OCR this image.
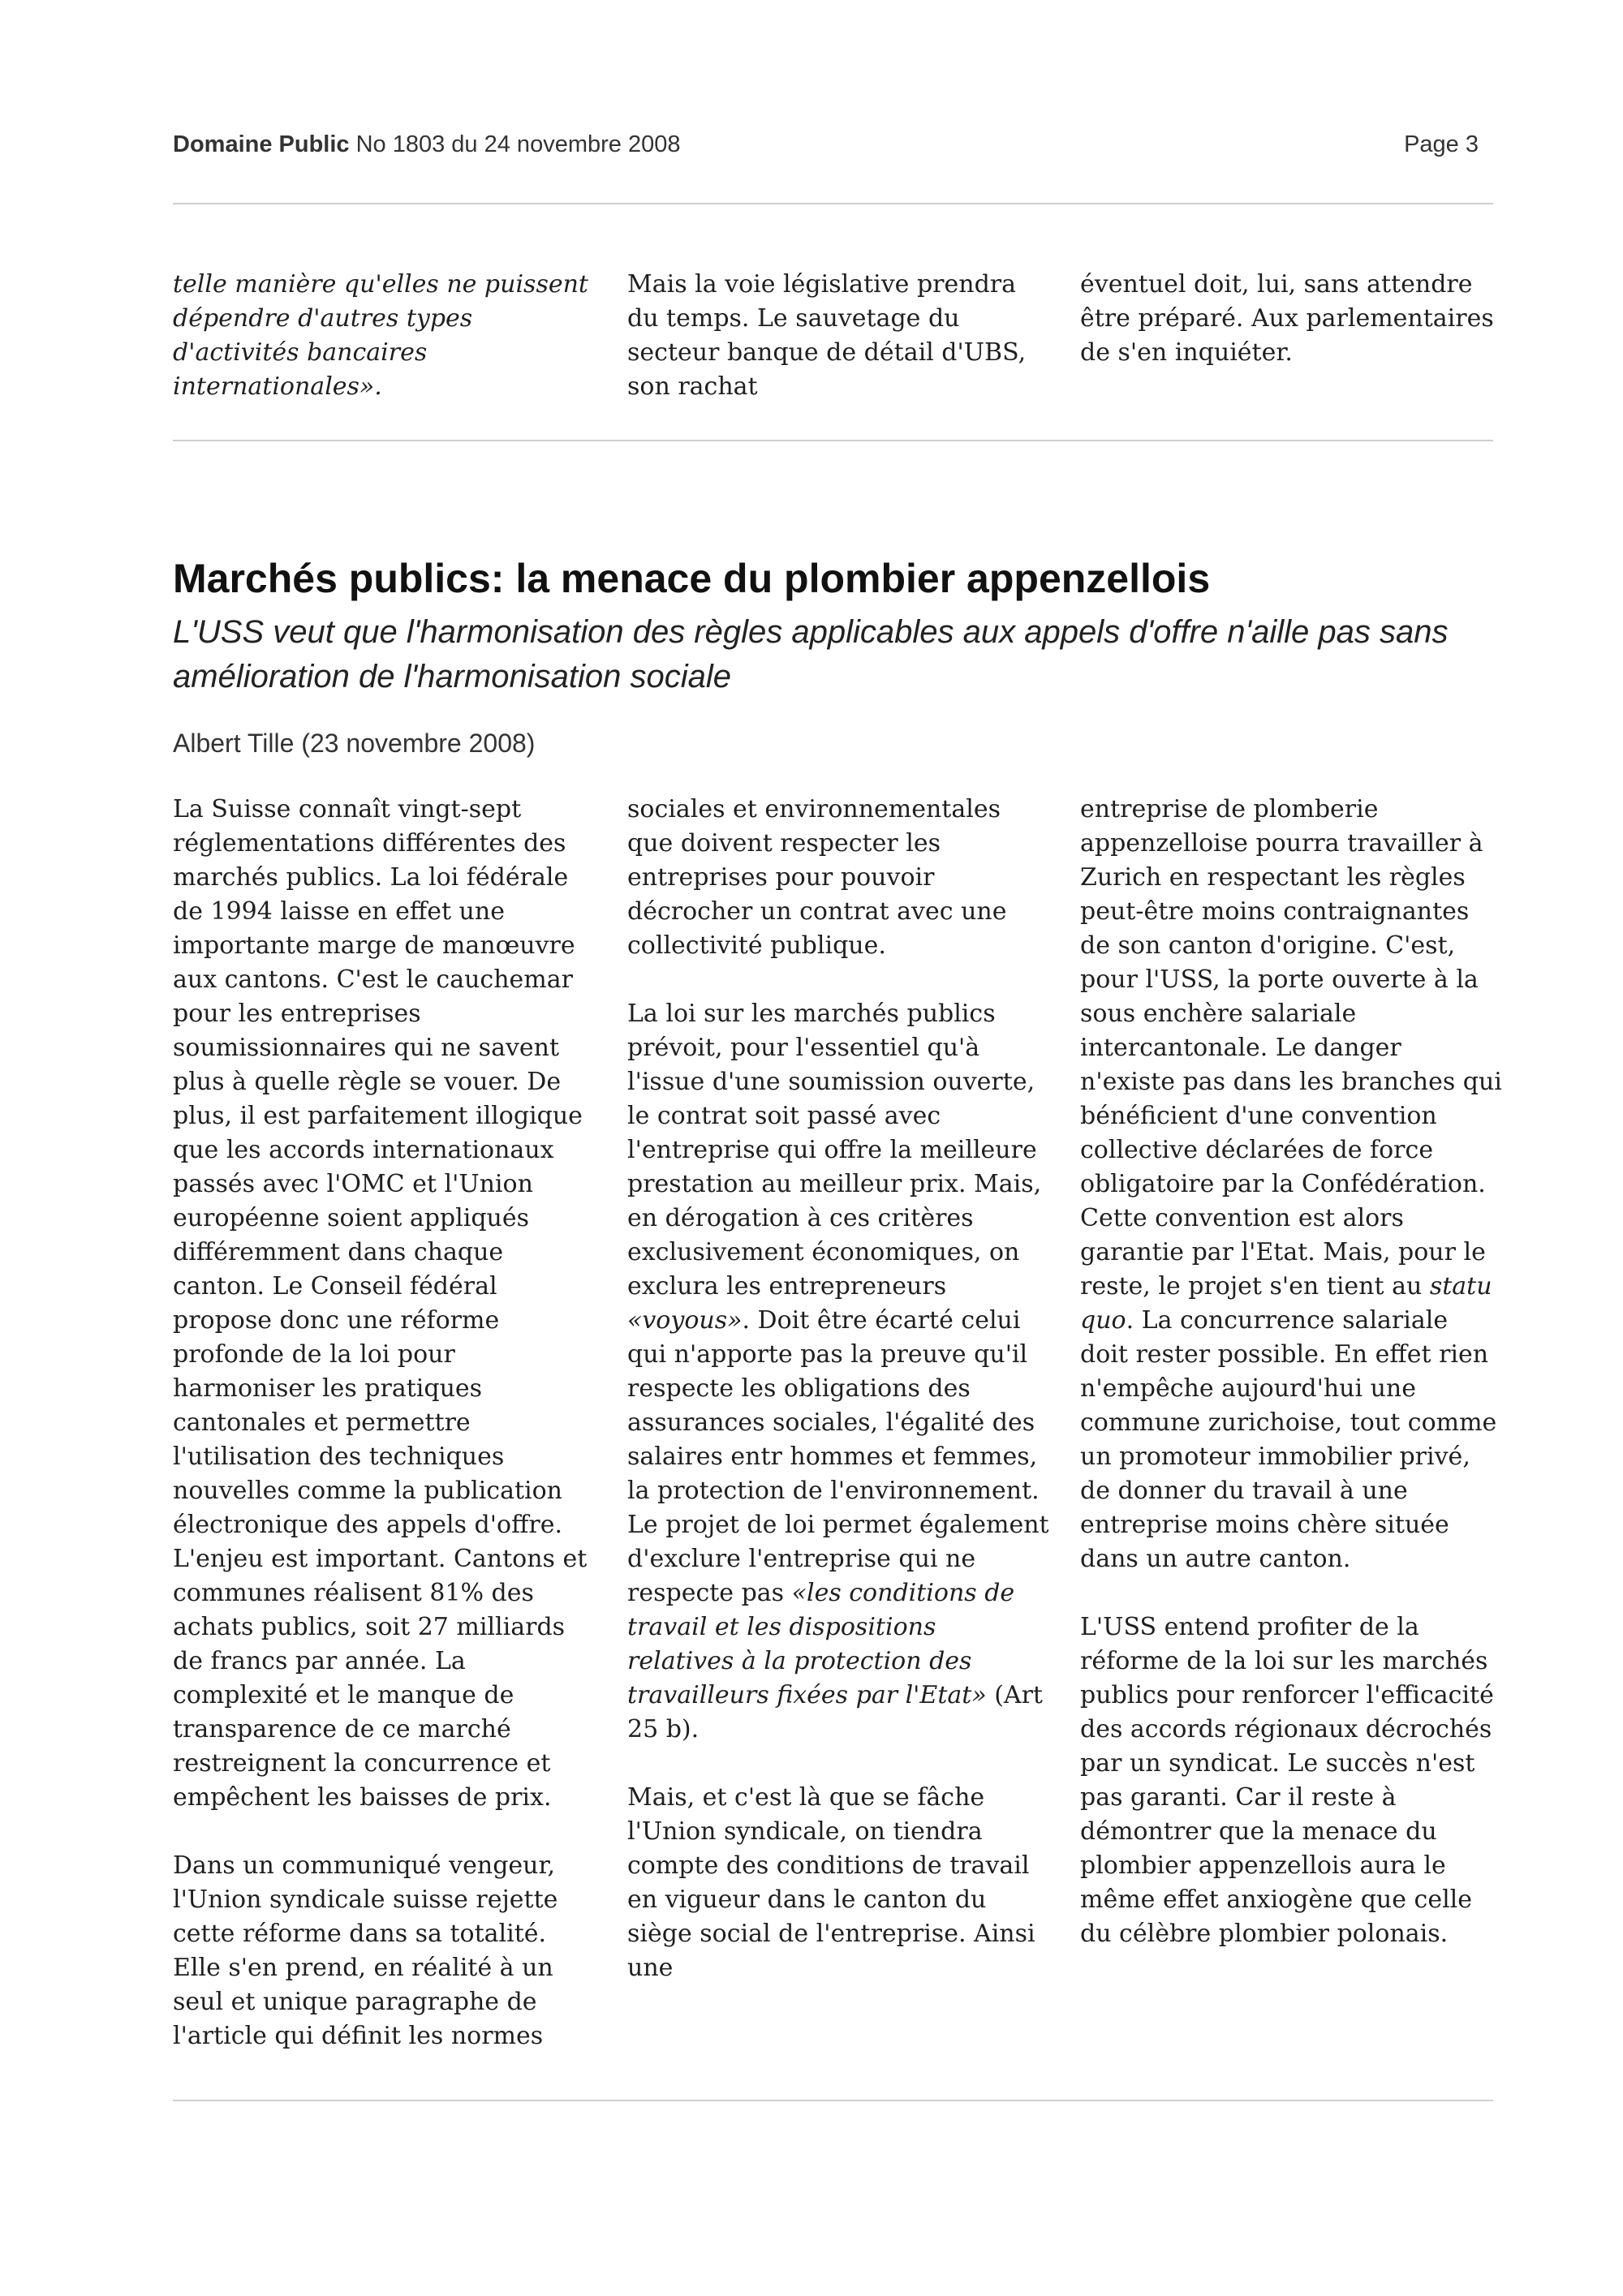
Domaine Public No 1803 du 24 novembre 2008	Page 3

telle manière qu'elles ne puissent dépendre d'autres types d'activités bancaires internationales».

Mais la voie législative prendra du temps. Le sauvetage du secteur banque de détail d'UBS, son rachat

éventuel doit, lui, sans attendre être préparé. Aux parlementaires de s'en inquiéter.

Marchés publics: la menace du plombier appenzellois
L'USS veut que l'harmonisation des règles applicables aux appels d'offre n'aille pas sans amélioration de l'harmonisation sociale
Albert Tille (23 novembre 2008)

La Suisse connaît vingt-sept réglementations différentes des marchés publics. La loi fédérale de 1994 laisse en effet une importante marge de manœuvre aux cantons. C'est le cauchemar pour les entreprises soumissionnaires qui ne savent plus à quelle règle se vouer. De plus, il est parfaitement illogique que les accords internationaux passés avec l'OMC et l'Union européenne soient appliqués différemment dans chaque canton. Le Conseil fédéral propose donc une réforme profonde de la loi pour harmoniser les pratiques cantonales et permettre l'utilisation des techniques nouvelles comme la publication électronique des appels d'offre. L'enjeu est important. Cantons et communes réalisent 81% des achats publics, soit 27 milliards de francs par année. La complexité et le manque de transparence de ce marché restreignent la concurrence et empêchent les baisses de prix.

Dans un communiqué vengeur, l'Union syndicale suisse rejette cette réforme dans sa totalité. Elle s'en prend, en réalité à un seul et unique paragraphe de l'article qui définit les normes

sociales et environnementales que doivent respecter les entreprises pour pouvoir décrocher un contrat avec une collectivité publique.

La loi sur les marchés publics prévoit, pour l'essentiel qu'à l'issue d'une soumission ouverte, le contrat soit passé avec l'entreprise qui offre la meilleure prestation au meilleur prix. Mais, en dérogation à ces critères exclusivement économiques, on exclura les entrepreneurs «voyous». Doit être écarté celui qui n'apporte pas la preuve qu'il respecte les obligations des assurances sociales, l'égalité des salaires entr hommes et femmes, la protection de l'environnement. Le projet de loi permet également d'exclure l'entreprise qui ne respecte pas «les conditions de travail et les dispositions relatives à la protection des travailleurs fixées par l'Etat» (Art 25 b).

Mais, et c'est là que se fâche l'Union syndicale, on tiendra compte des conditions de travail en vigueur dans le canton du siège social de l'entreprise. Ainsi une

entreprise de plomberie appenzelloise pourra travailler à Zurich en respectant les règles peut-être moins contraignantes de son canton d'origine. C'est, pour l'USS, la porte ouverte à la sous enchère salariale intercantonale. Le danger n'existe pas dans les branches qui bénéficient d'une convention collective déclarées de force obligatoire par la Confédération. Cette convention est alors garantie par l'Etat. Mais, pour le reste, le projet s'en tient au statu quo. La concurrence salariale doit rester possible. En effet rien n'empêche aujourd'hui une commune zurichoise, tout comme un promoteur immobilier privé, de donner du travail à une entreprise moins chère située dans un autre canton.

L'USS entend profiter de la réforme de la loi sur les marchés publics pour renforcer l'efficacité des accords régionaux décrochés par un syndicat. Le succès n'est pas garanti. Car il reste à démontrer que la menace du plombier appenzellois aura le même effet anxiogène que celle du célèbre plombier polonais.
